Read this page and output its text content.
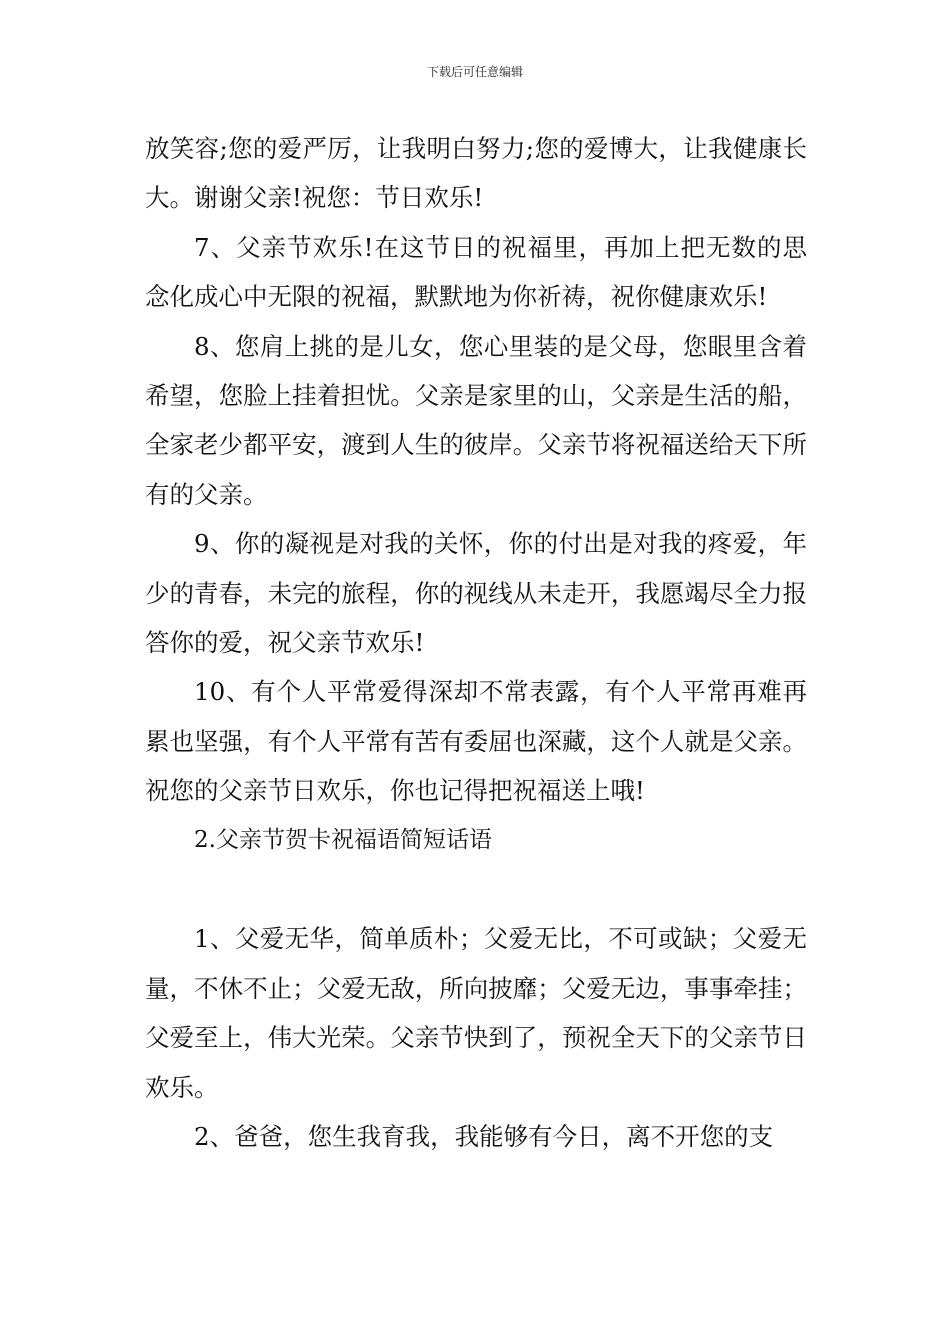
下载后可任意编辑

放笑容;您的爱严厉，让我明白努力;您的爱博大，让我健康长大。谢谢父亲!祝您：节日欢乐!

7、父亲节欢乐!在这节日的祝福里，再加上把无数的思念化成心中无限的祝福，默默地为你祈祷，祝你健康欢乐!

8、您肩上挑的是儿女，您心里装的是父母，您眼里含着希望，您脸上挂着担忧。父亲是家里的山，父亲是生活的船，全家老少都平安，渡到人生的彼岸。父亲节将祝福送给天下所有的父亲。

9、你的凝视是对我的关怀，你的付出是对我的疼爱，年少的青春，未完的旅程，你的视线从未走开，我愿竭尽全力报答你的爱，祝父亲节欢乐!

10、有个人平常爱得深却不常表露，有个人平常再难再累也坚强，有个人平常有苦有委屈也深藏，这个人就是父亲。祝您的父亲节日欢乐，你也记得把祝福送上哦!

2.父亲节贺卡祝福语简短话语

1、父爱无华，简单质朴；父爱无比，不可或缺；父爱无量，不休不止；父爱无敌，所向披靡；父爱无边，事事牵挂；父爱至上，伟大光荣。父亲节快到了，预祝全天下的父亲节日欢乐。

2、爸爸，您生我育我，我能够有今日，离不开您的支
